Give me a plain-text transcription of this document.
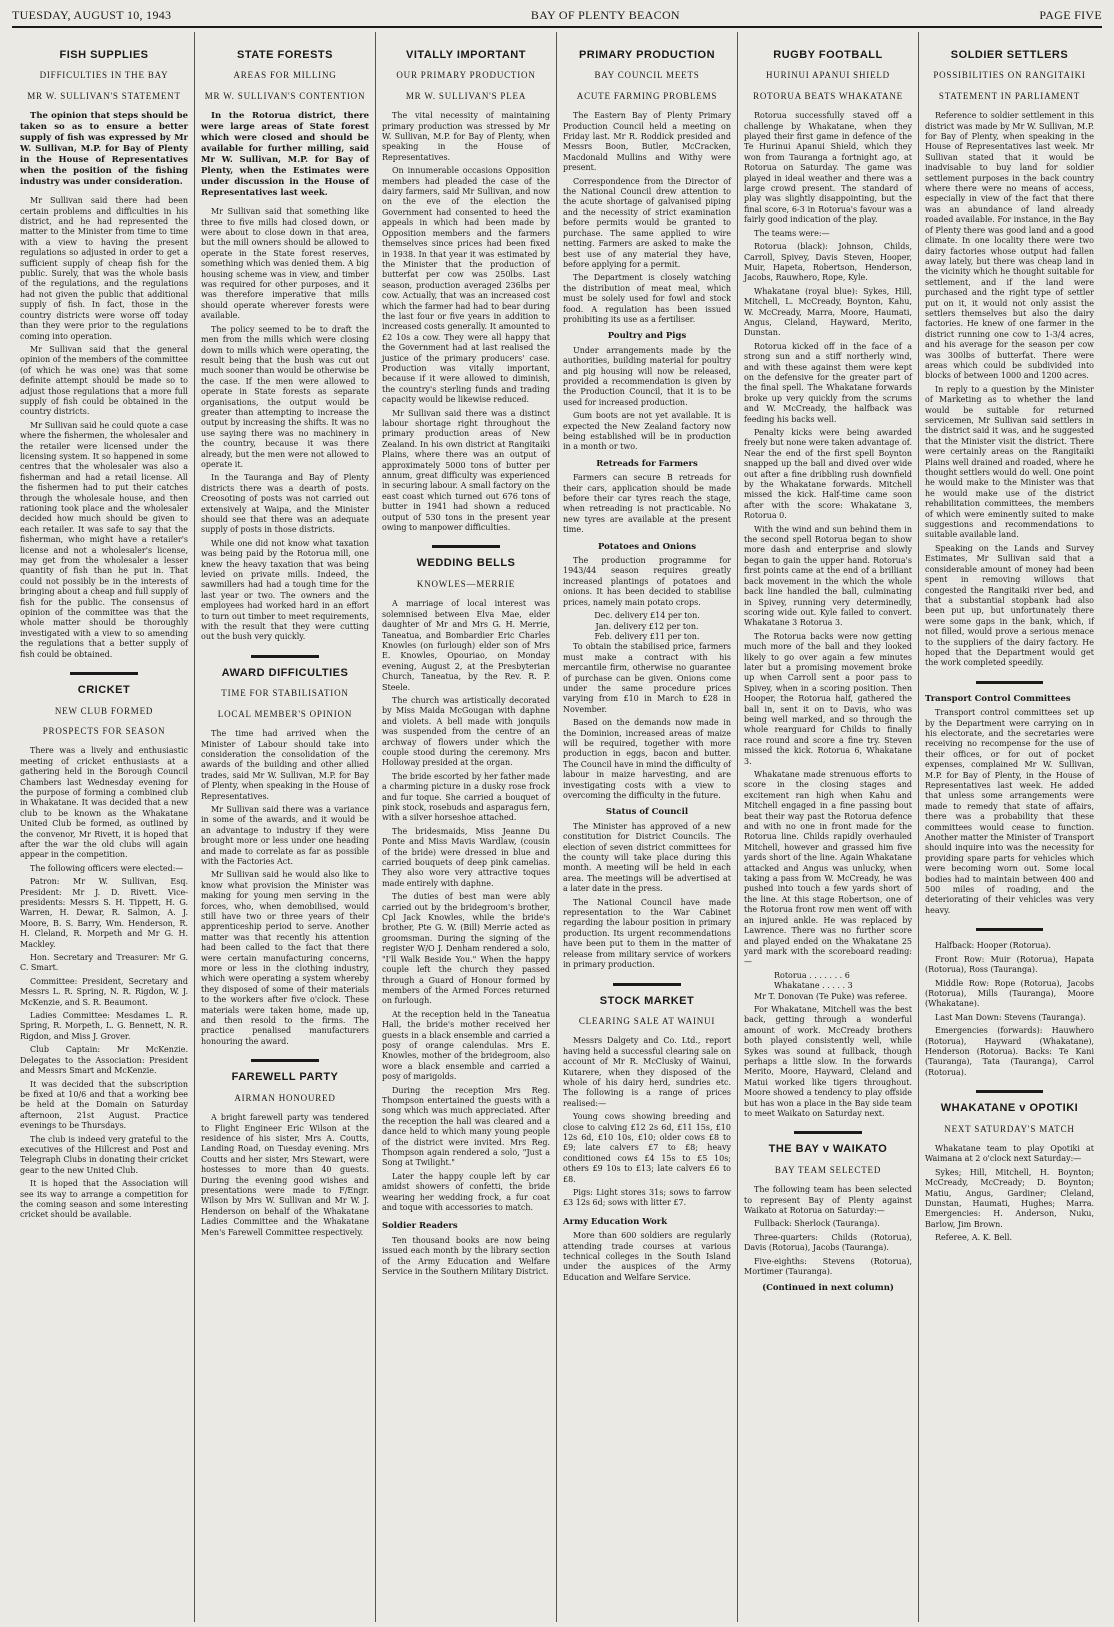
TUESDAY, AUGUST 10, 1943	BAY OF PLENTY BEACON	PAGE FIVE
FISH SUPPLIES
DIFFICULTIES IN THE BAY
MR W. SULLIVAN'S STATEMENT

The opinion that steps should be taken so as to ensure a better supply of fish was expressed by Mr W. Sullivan, M.P. for Bay of Plenty in the House of Representatives when the position of the fishing industry was under consideration.

Mr Sullivan said there had been certain problems and difficulties in his district, and he had represented the matter to the Minister from time to time with a view to having the present regulations so adjusted in order to get a sufficient supply of cheap fish for the public. Surely, that was the whole basis of the regulations, and the regulations had not given the public that additional supply of fish. In fact, those in the country districts were worse off today than they were prior to the regulations coming into operation.

Mr Sullivan said that the general opinion of the members of the committee (of which he was one) was that some definite attempt should be made so to adjust those regulations that a more full supply of fish could be obtained in the country districts.

Mr Sullivan said he could quote a case where the fishermen, the wholesaler and the retailer were licensed under the licensing system. It so happened in some centres that the wholesaler was also a fisherman and had a retail license. All the fishermen had to put their catches through the wholesale house, and then rationing took place and the wholesaler decided how much should be given to each retailer. It was safe to say that the fisherman, who might have a retailer's license and not a wholesaler's license, may get from the wholesaler a lesser quantity of fish than he put in. That could not possibly be in the interests of bringing about a cheap and full supply of fish for the public. The consensus of opinion of the committee was that the whole matter should be thoroughly investigated with a view to so amending the regulations that a better supply of fish could be obtained.

CRICKET
NEW CLUB FORMED
PROSPECTS FOR SEASON

There was a lively and enthusiastic meeting of cricket enthusiasts at a gathering held in the Borough Council Chambers last Wednesday evening for the purpose of forming a combined club in Whakatane. It was decided that a new club to be known as the Whakatane United Club be formed, as outlined by the convenor, Mr Rivett, it is hoped that after the war the old clubs will again appear in the competition.

The following officers were elected:—

Patron: Mr W. Sullivan, Esq. President: Mr J. D. Rivett. Vice-presidents: Messrs S. H. Tippett, H. G. Warren, H. Dewar, R. Salmon, A. J. Moore, B. S. Barry, Wm. Henderson, R. H. Cleland, R. Morpeth and Mr G. H. Mackley.

Hon. Secretary and Treasurer: Mr G. C. Smart.

Committee: President, Secretary and Messrs L. R. Spring, N. R. Rigdon, W. J. McKenzie, and S. R. Beaumont.

Ladies Committee: Mesdames L. R. Spring, R. Morpeth, L. G. Bennett, N. R. Rigdon, and Miss J. Grover.

Club Captain: Mr McKenzie. Delegates to the Association: President and Messrs Smart and McKenzie.

It was decided that the subscription be fixed at 10/6 and that a working bee be held at the Domain on Saturday afternoon, 21st August. Practice evenings to be Thursdays.

The club is indeed very grateful to the executives of the Hillcrest and Post and Telegraph Clubs in donating their cricket gear to the new United Club.

It is hoped that the Association will see its way to arrange a competition for the coming season and some interesting cricket should be available.

STATE FORESTS
AREAS FOR MILLING
MR W. SULLIVAN'S CONTENTION

In the Rotorua district, there were large areas of State forest which were closed and should be available for further milling, said Mr W. Sullivan, M.P. for Bay of Plenty, when the Estimates were under discussion in the House of Representatives last week.

Mr Sullivan said that something like three to five mills had closed down, or were about to close down in that area, but the mill owners should be allowed to operate in the State forest reserves, something which was denied them. A big housing scheme was in view, and timber was required for other purposes, and it was therefore imperative that mills should operate wherever forests were available.

The policy seemed to be to draft the men from the mills which were closing down to mills which were operating, the result being that the bush was cut out much sooner than would be otherwise be the case. If the men were allowed to operate in State forests as separate organisations, the output would be greater than attempting to increase the output by increasing the shifts. It was no use saying there was no machinery in the country, because it was there already, but the men were not allowed to operate it.

In the Tauranga and Bay of Plenty districts there was a dearth of posts. Creosoting of posts was not carried out extensively at Waipa, and the Minister should see that there was an adequate supply of posts in those districts.

While one did not know what taxation was being paid by the Rotorua mill, one knew the heavy taxation that was being levied on private mills. Indeed, the sawmillers had had a tough time for the last year or two. The owners and the employees had worked hard in an effort to turn out timber to meet requirements, with the result that they were cutting out the bush very quickly.

AWARD DIFFICULTIES
TIME FOR STABILISATION
LOCAL MEMBER'S OPINION

The time had arrived when the Minister of Labour should take into consideration the consolidation of the awards of the building and other allied trades, said Mr W. Sullivan, M.P. for Bay of Plenty, when speaking in the House of Representatives.

Mr Sullivan said there was a variance in some of the awards, and it would be an advantage to industry if they were brought more or less under one heading and made to correlate as far as possible with the Factories Act.

Mr Sullivan said he would also like to know what provision the Minister was making for young men serving in the forces, who, when demobilised, would still have two or three years of their apprenticeship period to serve. Another matter was that recently his attention had been called to the fact that there were certain manufacturing concerns, more or less in the clothing industry, which were operating a system whereby they disposed of some of their materials to the workers after five o'clock. These materials were taken home, made up, and then resold to the firms. The practice penalised manufacturers honouring the award.

FAREWELL PARTY
AIRMAN HONOURED

A bright farewell party was tendered to Flight Engineer Eric Wilson at the residence of his sister, Mrs A. Coutts, Landing Road, on Tuesday evening. Mrs Coutts and her sister, Mrs Stewart, were hostesses to more than 40 guests. During the evening good wishes and presentations were made to F/Engr. Wilson by Mrs W. Sullivan and Mr W. J. Henderson on behalf of the Whakatane Ladies Committee and the Whakatane Men's Farewell Committee respectively.

VITALLY IMPORTANT
OUR PRIMARY PRODUCTION
MR W. SULLIVAN'S PLEA

The vital necessity of maintaining primary production was stressed by Mr W. Sullivan, M.P. for Bay of Plenty, when speaking in the House of Representatives.

On innumerable occasions Opposition members had pleaded the case of the dairy farmers, said Mr Sullivan, and now on the eve of the election the Government had consented to heed the appeals in which had been made by Opposition members and the farmers themselves since prices had been fixed in 1938. In that year it was estimated by the Minister that the production of butterfat per cow was 250lbs. Last season, production averaged 236lbs per cow. Actually, that was an increased cost which the farmer had had to bear during the last four or five years in addition to increased costs generally. It amounted to £2 10s a cow. They were all happy that the Government had at last realised the justice of the primary producers' case. Production was vitally important, because if it were allowed to diminish, the country's sterling funds and trading capacity would be likewise reduced.

Mr Sullivan said there was a distinct labour shortage right throughout the primary production areas of New Zealand. In his own district at Rangitaiki Plains, where there was an output of approximately 5000 tons of butter per annum, great difficulty was experienced in securing labour. A small factory on the east coast which turned out 676 tons of butter in 1941 had shown a reduced output of 530 tons in the present year owing to manpower difficulties.

WEDDING BELLS
KNOWLES—MERRIE

A marriage of local interest was solemnised between Elva Mae, elder daughter of Mr and Mrs G. H. Merrie, Taneatua, and Bombardier Eric Charles Knowles (on furlough) elder son of Mrs E. Knowles, Opouriao, on Monday evening, August 2, at the Presbyterian Church, Taneatua, by the Rev. R. P. Steele.

The church was artistically decorated by Miss Maida McGougan with daphne and violets. A bell made with jonquils was suspended from the centre of an archway of flowers under which the couple stood during the ceremony. Mrs Holloway presided at the organ.

The bride escorted by her father made a charming picture in a dusky rose frock and fur toque. She carried a bouquet of pink stock, rosebuds and asparagus fern, with a silver horseshoe attached.

The bridesmaids, Miss Jeanne Du Ponte and Miss Mavis Wardlaw, (cousin of the bride) were dressed in blue and carried bouquets of deep pink camelias. They also wore very attractive toques made entirely with daphne.

The duties of best man were ably carried out by the bridegroom's brother, Cpl Jack Knowles, while the bride's brother, Pte G. W. (Bill) Merrie acted as groomsman. During the signing of the register W/O J. Denham rendered a solo, "I'll Walk Beside You." When the happy couple left the church they passed through a Guard of Honour formed by members of the Armed Forces returned on furlough.

At the reception held in the Taneatua Hall, the bride's mother received her guests in a black ensemble and carried a posy of orange calendulas. Mrs E. Knowles, mother of the bridegroom, also wore a black ensemble and carried a posy of marigolds.

During the reception Mrs Reg. Thompson entertained the guests with a song which was much appreciated. After the reception the hall was cleared and a dance held to which many young people of the district were invited. Mrs Reg. Thompson again rendered a solo, "Just a Song at Twilight."

Later the happy couple left by car amidst showers of confetti, the bride wearing her wedding frock, a fur coat and toque with accessories to match.

Soldier Readers

Ten thousand books are now being issued each month by the library section of the Army Education and Welfare Service in the Southern Military District.

PRIMARY PRODUCTION
BAY COUNCIL MEETS
ACUTE FARMING PROBLEMS

The Eastern Bay of Plenty Primary Production Council held a meeting on Friday last. Mr R. Roddick presided and Messrs Boon, Butler, McCracken, Macdonald Mullins and Withy were present.

Correspondence from the Director of the National Council drew attention to the acute shortage of galvanised piping and the necessity of strict examination before permits would be granted to purchase. The same applied to wire netting. Farmers are asked to make the best use of any material they have, before applying for a permit.

The Department is closely watching the distribution of meat meal, which must be solely used for fowl and stock food. A regulation has been issued prohibiting its use as a fertiliser.

Poultry and Pigs

Under arrangements made by the authorities, building material for poultry and pig housing will now be released, provided a recommendation is given by the Production Council, that it is to be used for increased production.

Gum boots are not yet available. It is expected the New Zealand factory now being established will be in production in a month or two.

Retreads for Farmers

Farmers can secure B retreads for their cars, application should be made before their car tyres reach the stage, when retreading is not practicable. No new tyres are available at the present time.

Potatoes and Onions

The production programme for 1943/44 season requires greatly increased plantings of potatoes and onions. It has been decided to stabilise prices, namely main potato crops.

Dec. delivery £14 per ton.
Jan. delivery £12 per ton.
Feb. delivery £11 per ton.

To obtain the stabilised price, farmers must make a contract with his mercantile firm, otherwise no guarantee of purchase can be given. Onions come under the same procedure prices varying from £10 in March to £28 in November.

Based on the demands now made in the Dominion, increased areas of maize will be required, together with more production in eggs, bacon and butter. The Council have in mind the difficulty of labour in maize harvesting, and are investigating costs with a view to overcoming the difficulty in the future.

Status of Council

The Minister has approved of a new constitution for District Councils. The election of seven district committees for the county will take place during this month. A meeting will be held in each area. The meetings will be advertised at a later date in the press.

The National Council have made representation to the War Cabinet regarding the labour position in primary production. Its urgent recommendations have been put to them in the matter of release from military service of workers in primary production.

STOCK MARKET
CLEARING SALE AT WAINUI

Messrs Dalgety and Co. Ltd., report having held a successful clearing sale on account of Mr R. McClusky of Wainui, Kutarere, when they disposed of the whole of his dairy herd, sundries etc. The following is a range of prices realised:—

Young cows showing breeding and close to calving £12 2s 6d, £11 15s, £10 12s 6d, £10 10s, £10; older cows £8 to £9; late calvers £7 to £8; heavy conditioned cows £4 15s to £5 10s; others £9 10s to £13; late calvers £6 to £8.

Pigs: Light stores 31s; sows to farrow £3 12s 6d; sows with litter £7.

Army Education Work

More than 600 soldiers are regularly attending trade courses at various technical colleges in the South Island under the auspices of the Army Education and Welfare Service.

RUGBY FOOTBALL
HURINUI APANUI SHIELD
ROTORUA BEATS WHAKATANE

Rotorua successfully staved off a challenge by Whakatane, when they played their first game in defence of the Te Hurinui Apanui Shield, which they won from Tauranga a fortnight ago, at Rotorua on Saturday. The game was played in ideal weather and there was a large crowd present. The standard of play was slightly disappointing, but the final score, 6-3 in Rotorua's favour was a fairly good indication of the play.

The teams were:—

Rotorua (black): Johnson, Childs, Carroll, Spivey, Davis Steven, Hooper, Muir, Hapeta, Robertson, Henderson, Jacobs, Rauwhero, Rope, Kyle.

Whakatane (royal blue): Sykes, Hill, Mitchell, L. McCready, Boynton, Kahu, W. McCready, Marra, Moore, Haumati, Angus, Cleland, Hayward, Merito, Dunstan.

Rotorua kicked off in the face of a strong sun and a stiff northerly wind, and with these against them were kept on the defensive for the greater part of the final spell. The Whakatane forwards broke up very quickly from the scrums and W. McCready, the halfback was feeding his backs well.

Penalty kicks were being awarded freely but none were taken advantage of. Near the end of the first spell Boynton snapped up the ball and dived over wide out after a fine dribbling rush downfield by the Whakatane forwards. Mitchell missed the kick. Half-time came soon after with the score: Whakatane 3, Rotorua 0.

With the wind and sun behind them in the second spell Rotorua began to show more dash and enterprise and slowly began to gain the upper hand. Rotorua's first points came at the end of a brilliant back movement in the which the whole back line handled the ball, culminating in Spivey, running very determinedly, scoring wide out. Kyle failed to convert. Whakatane 3 Rotorua 3.

The Rotorua backs were now getting much more of the ball and they looked likely to go over again a few minutes later but a promising movement broke up when Carroll sent a poor pass to Spivey, when in a scoring position. Then Hooper, the Rotorua half, gathered the ball in, sent it on to Davis, who was being well marked, and so through the whole rearguard for Childs to finally race round and score a fine try. Steven missed the kick. Rotorua 6, Whakatane 3.

Whakatane made strenuous efforts to score in the closing stages and excitement ran high when Kahu and Mitchell engaged in a fine passing bout beat their way past the Rotorua defence and with no one in front made for the Rotorua line. Childs rapidly overhauled Mitchell, however and grassed him five yards short of the line. Again Whakatane attacked and Angus was unlucky, when taking a pass from W. McCready, he was pushed into touch a few yards short of the line. At this stage Robertson, one of the Rotorua front row men went off with an injured ankle. He was replaced by Lawrence. There was no further score and played ended on the Whakatane 25 yard mark with the scoreboard reading:—

Rotorua . . . . . . . 6
Whakatane . . . . . 3

Mr T. Donovan (Te Puke) was referee.

For Whakatane, Mitchell was the best back, getting through a wonderful amount of work. McCready brothers both played consistently well, while Sykes was sound at fullback, though perhaps a little slow. In the forwards Merito, Moore, Hayward, Cleland and Matui worked like tigers throughout. Moore showed a tendency to play offside but has won a place in the Bay side team to meet Waikato on Saturday next.

THE BAY v WAIKATO
BAY TEAM SELECTED

The following team has been selected to represent Bay of Plenty against Waikato at Rotorua on Saturday:—

Fullback: Sherlock (Tauranga).

Three-quarters: Childs (Rotorua), Davis (Rotorua), Jacobs (Tauranga).

Five-eighths: Stevens (Rotorua), Mortimer (Tauranga).

(Continued in next column)
SOLDIER SETTLERS
POSSIBILITIES ON RANGITAIKI
STATEMENT IN PARLIAMENT

Reference to soldier settlement in this district was made by Mr W. Sullivan, M.P. for Bay of Plenty, when speaking in the House of Representatives last week. Mr Sullivan stated that it would be inadvisable to buy land for soldier settlement purposes in the back country where there were no means of access, especially in view of the fact that there was an abundance of land already roaded available. For instance, in the Bay of Plenty there was good land and a good climate. In one locality there were two dairy factories whose output had fallen away lately, but there was cheap land in the vicinity which he thought suitable for settlement, and if the land were purchased and the right type of settler put on it, it would not only assist the settlers themselves but also the dairy factories. He knew of one farmer in the district running one cow to 1-3/4 acres, and his average for the season per cow was 300lbs of butterfat. There were areas which could be subdivided into blocks of between 1000 and 1200 acres.

In reply to a question by the Minister of Marketing as to whether the land would be suitable for returned servicemen, Mr Sullivan said settlers in the district said it was, and he suggested that the Minister visit the district. There were certainly areas on the Rangitaiki Plains well drained and roaded, where he thought settlers would do well. One point he would make to the Minister was that he would make use of the district rehabilitation committees, the members of which were eminently suited to make suggestions and recommendations to suitable available land.

Speaking on the Lands and Survey Estimates, Mr Sullivan said that a considerable amount of money had been spent in removing willows that congested the Rangitaiki river bed, and that a substantial stopbank had also been put up, but unfortunately there were some gaps in the bank, which, if not filled, would prove a serious menace to the suppliers of the dairy factory. He hoped that the Department would get the work completed speedily.

Transport Control Committees

Transport control committees set up by the Department were carrying on in his electorate, and the secretaries were receiving no recompense for the use of their offices, or for out of pocket expenses, complained Mr W. Sullivan, M.P. for Bay of Plenty, in the House of Representatives last week. He added that unless some arrangements were made to remedy that state of affairs, there was a probability that these committees would cease to function. Another matter the Minister of Transport should inquire into was the necessity for providing spare parts for vehicles which were becoming worn out. Some local bodies had to maintain between 400 and 500 miles of roading, and the deteriorating of their vehicles was very heavy.

Halfback: Hooper (Rotorua).

Front Row: Muir (Rotorua), Hapata (Rotorua), Ross (Tauranga).

Middle Row: Rope (Rotorua), Jacobs (Rotorua), Mills (Tauranga), Moore (Whakatane).

Last Man Down: Stevens (Tauranga).

Emergencies (forwards): Hauwhero (Rotorua), Hayward (Whakatane), Henderson (Rotorua). Backs: Te Kani (Tauranga), Tata (Tauranga), Carrol (Rotorua).

WHAKATANE v OPOTIKI
NEXT SATURDAY'S MATCH

Whakatane team to play Opotiki at Waimana at 2 o'clock next Saturday:—

Sykes; Hill, Mitchell, H. Boynton; McCready, McCready; D. Boynton; Matiu, Angus, Gardiner; Cleland, Dunstan, Haumati, Hughes; Marra. Emergencies: H. Anderson, Nuku, Barlow, Jim Brown.

Referee, A. K. Bell.
